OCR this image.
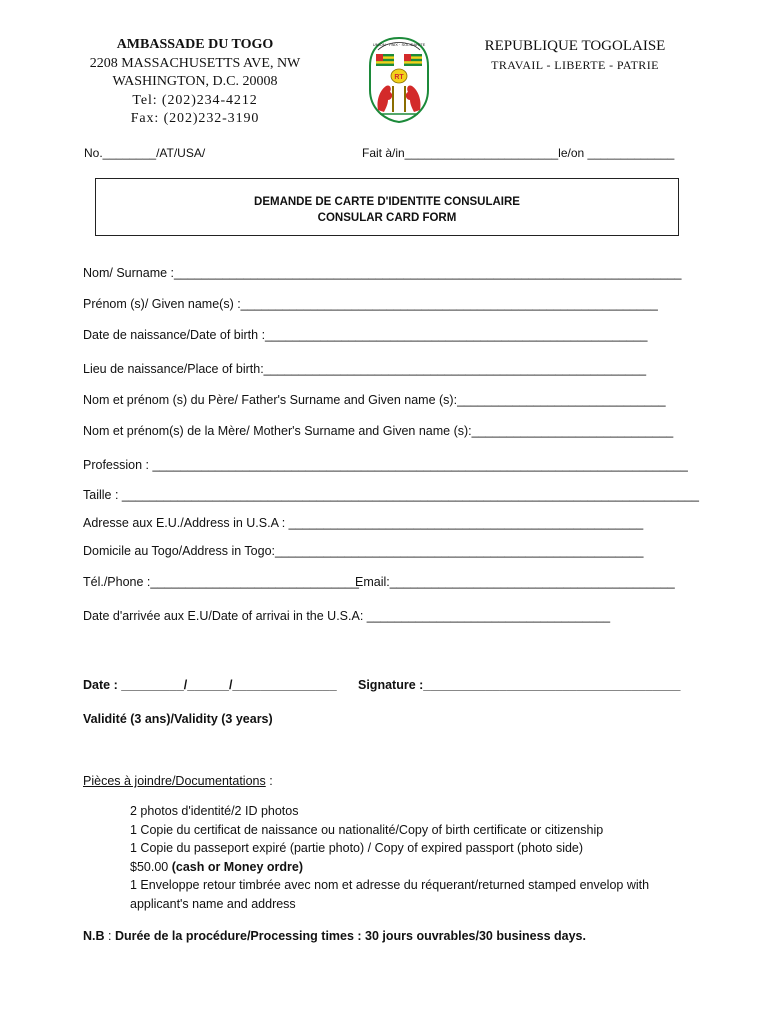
AMBASSADE DU TOGO
2208 MASSACHUSETTS AVE, NW
WASHINGTON, D.C. 20008
Tel: (202)234-4212
Fax: (202)232-3190
UNION · PAIX · SOLIDARITE
RT
REPUBLIQUE TOGOLAISE
TRAVAIL - LIBERTE - PATRIE
No.________/AT/USA/	Fait à/in_______________________le/on _____________
DEMANDE DE CARTE D'IDENTITE CONSULAIRE
CONSULAR CARD FORM
Nom/ Surname :_________________________________________________________________________
Prénom (s)/ Given name(s) :____________________________________________________________
Date de naissance/Date of birth :_______________________________________________________
Lieu de naissance/Place of birth:_______________________________________________________
Nom et prénom (s) du Père/ Father's Surname and Given name (s):______________________________
Nom et prénom(s) de la Mère/ Mother's Surname and Given name (s):_____________________________
Profession : _____________________________________________________________________________
Taille : ___________________________________________________________________________________
Adresse aux E.U./Address in U.S.A : ___________________________________________________
Domicile au Togo/Address in Togo:_____________________________________________________
Tél./Phone :______________________________
Email:_________________________________________
Date d'arrivée aux E.U/Date of arrivai in the U.S.A: ___________________________________
Date : _________/______/_______________ Signature :_____________________________________
Validité (3 ans)/Validity (3 years)
Pièces à joindre/Documentations :
2 photos d'identité/2 ID photos
1 Copie du certificat de naissance ou nationalité/Copy of birth certificate or citizenship
1 Copie du passeport expiré (partie photo) / Copy of expired passport (photo side)
$50.00 (cash or Money ordre)
1 Enveloppe retour timbrée avec nom et adresse du réquerant/returned stamped envelop with
applicant's name and address
N.B : Durée de la procédure/Processing times : 30 jours ouvrables/30 business days.
